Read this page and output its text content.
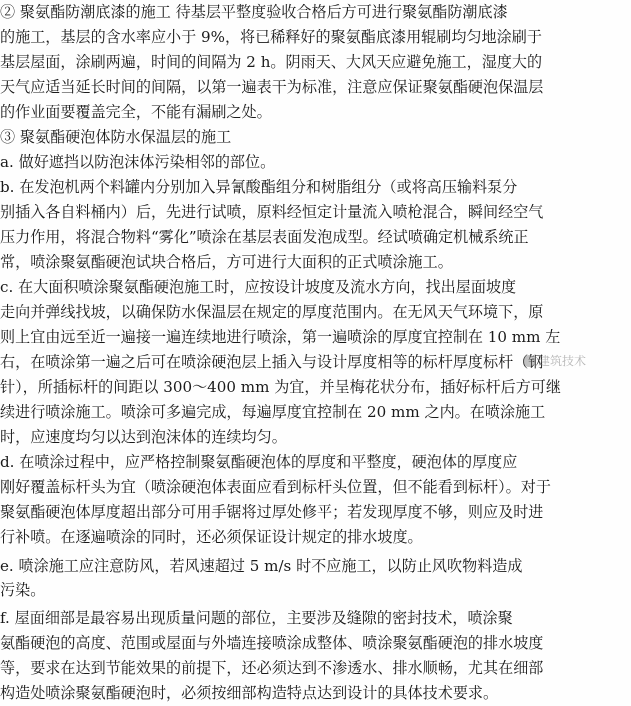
② 聚氨酯防潮底漆的施工 待基层平整度验收合格后方可进行聚氨酯防潮底漆
的施工，基层的含水率应小于 9%，将已稀释好的聚氨酯底漆用辊刷均匀地涂刷于
基层屋面，涂刷两遍，时间的间隔为 2 h。阴雨天、大风天应避免施工，湿度大的
天气应适当延长时间的间隔，以第一遍表干为标准，注意应保证聚氨酯硬泡保温层
的作业面要覆盖完全，不能有漏刷之处。
③ 聚氨酯硬泡体防水保温层的施工
a. 做好遮挡以防泡沫体污染相邻的部位。
b. 在发泡机两个料罐内分别加入异氰酸酯组分和树脂组分（或将高压输料泵分
别插入各自料桶内）后，先进行试喷，原料经恒定计量流入喷枪混合，瞬间经空气
压力作用，将混合物料“雾化”喷涂在基层表面发泡成型。经试喷确定机械系统正
常，喷涂聚氨酯硬泡试块合格后，方可进行大面积的正式喷涂施工。
c. 在大面积喷涂聚氨酯硬泡施工时，应按设计坡度及流水方向，找出屋面坡度
走向并弹线找坡，以确保防水保温层在规定的厚度范围内。在无风天气环境下，原
则上宜由远至近一遍接一遍连续地进行喷涂，第一遍喷涂的厚度宜控制在 10 mm 左
右，在喷涂第一遍之后可在喷涂硬泡层上插入与设计厚度相等的标杆厚度标杆（钢
针），所插标杆的间距以 300～400 mm 为宜，并呈梅花状分布，插好标杆后方可继
续进行喷涂施工。喷涂可多遍完成，每遍厚度宜控制在 20 mm 之内。在喷涂施工
时，应速度均匀以达到泡沫体的连续均匀。
d. 在喷涂过程中，应严格控制聚氨酯硬泡体的厚度和平整度，硬泡体的厚度应
刚好覆盖标杆头为宜（喷涂硬泡体表面应看到标杆头位置，但不能看到标杆）。对于
聚氨酯硬泡体厚度超出部分可用手锯将过厚处修平；若发现厚度不够，则应及时进
行补喷。在逐遍喷涂的同时，还必须保证设计规定的排水坡度。
e. 喷涂施工应注意防风，若风速超过 5 m/s 时不应施工，以防止风吹物料造成
污染。
f. 屋面细部是最容易出现质量问题的部位，主要涉及缝隙的密封技术，喷涂聚
氨酯硬泡的高度、范围或屋面与外墙连接喷涂成整体、喷涂聚氨酯硬泡的排水坡度
等，要求在达到节能效果的前提下，还必须达到不渗透水、排水顺畅，尤其在细部
构造处喷涂聚氨酯硬泡时，必须按细部构造特点达到设计的具体技术要求。
建筑技术
